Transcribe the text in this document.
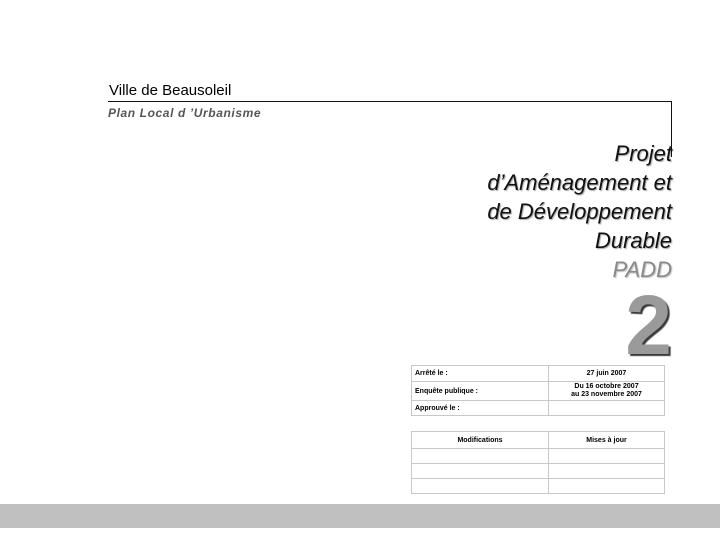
Ville de Beausoleil
Plan Local d ’Urbanisme
Projet
d’Aménagement et
de Développement
Durable
PADD
2
Arrêté le :	27 juin 2007
Enquête publique :	Du 16 octobre 2007
au 23 novembre 2007

Approuvé le :	
Modifications	Mises à jour
